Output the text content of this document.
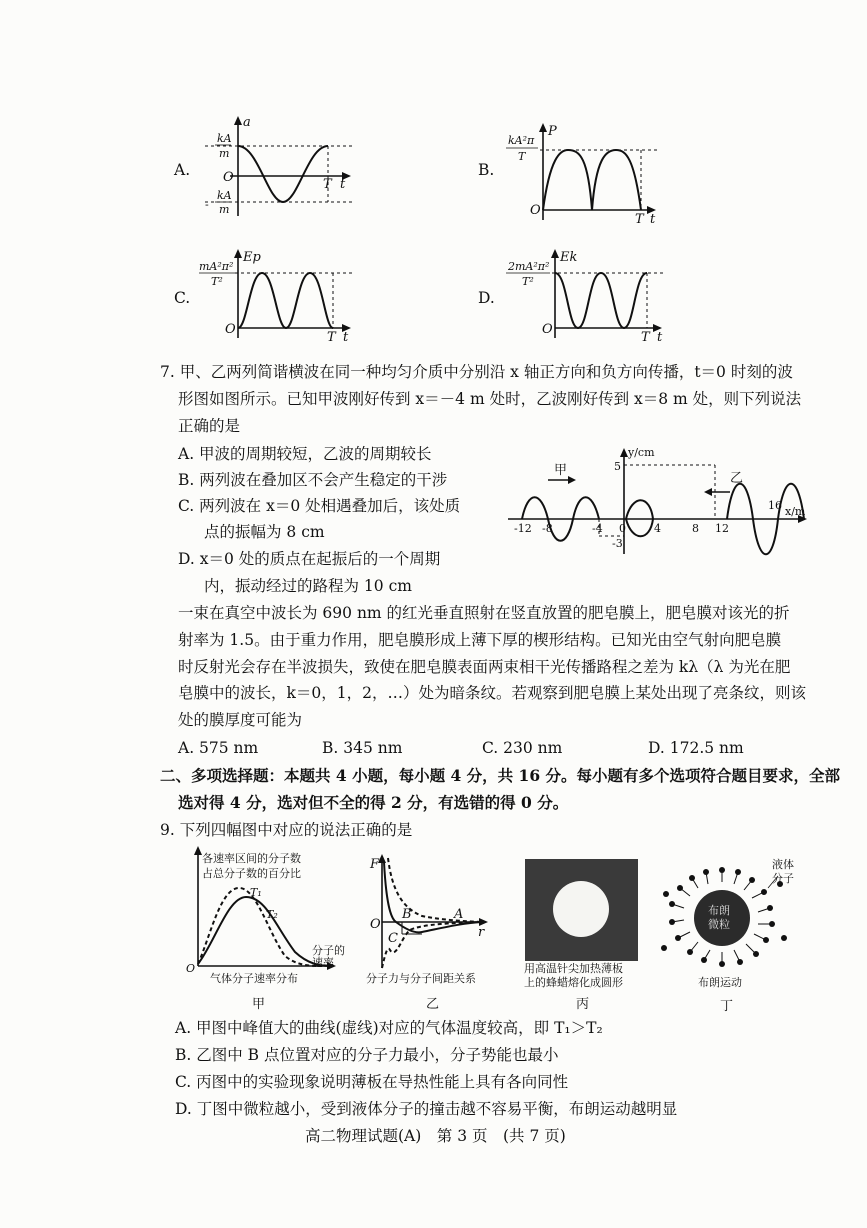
A.
a
O	T t
kA
m
-
kA
m
B.
P
O
T t
kA²π
T
C.
Ep
O
T t
mA²π²
T²
D.
Ek
O
T t
2mA²π²
T²
7. 甲、乙两列简谐横波在同一种均匀介质中分别沿 x 轴正方向和负方向传播，t＝0 时刻的波
形图如图所示。已知甲波刚好传到 x＝－4 m 处时，乙波刚好传到 x＝8 m 处，则下列说法
正确的是
A. 甲波的周期较短，乙波的周期较长
B. 两列波在叠加区不会产生稳定的干涉
C. 两列波在 x＝0 处相遇叠加后，该处质
点的振幅为 8 cm
D. x＝0 处的质点在起振后的一个周期
内，振动经过的路程为 10 cm
甲
乙
y/cm
x/m
5
-3
-12 -8	-4 0	4	8 12
16
一束在真空中波长为 690 nm 的红光垂直照射在竖直放置的肥皂膜上，肥皂膜对该光的折
射率为 1.5。由于重力作用，肥皂膜形成上薄下厚的楔形结构。已知光由空气射向肥皂膜
时反射光会存在半波损失，致使在肥皂膜表面两束相干光传播路程之差为 kλ（λ 为光在肥
皂膜中的波长，k＝0，1，2，…）处为暗条纹。若观察到肥皂膜上某处出现了亮条纹，则该
处的膜厚度可能为
A. 575 nm	B. 345 nm	C. 230 nm	D. 172.5 nm
二、多项选择题：本题共 4 小题，每小题 4 分，共 16 分。每小题有多个选项符合题目要求，全部
选对得 4 分，选对但不全的得 2 分，有选错的得 0 分。
9. 下列四幅图中对应的说法正确的是
各速率区间的分子数
占总分子数的百分比
T₁
T₂
分子的
速率
O
气体分子速率分布
甲
F
O
B
C
A
r
分子力与分子间距关系
乙
用高温针尖加热薄板
上的蜂蜡熔化成圆形
丙
液体
分子
布朗
微粒
布朗运动
丁
A. 甲图中峰值大的曲线(虚线)对应的气体温度较高，即 T₁＞T₂
B. 乙图中 B 点位置对应的分子力最小，分子势能也最小
C. 丙图中的实验现象说明薄板在导热性能上具有各向同性
D. 丁图中微粒越小，受到液体分子的撞击越不容易平衡，布朗运动越明显
高二物理试题(A)　第 3 页　(共 7 页)
